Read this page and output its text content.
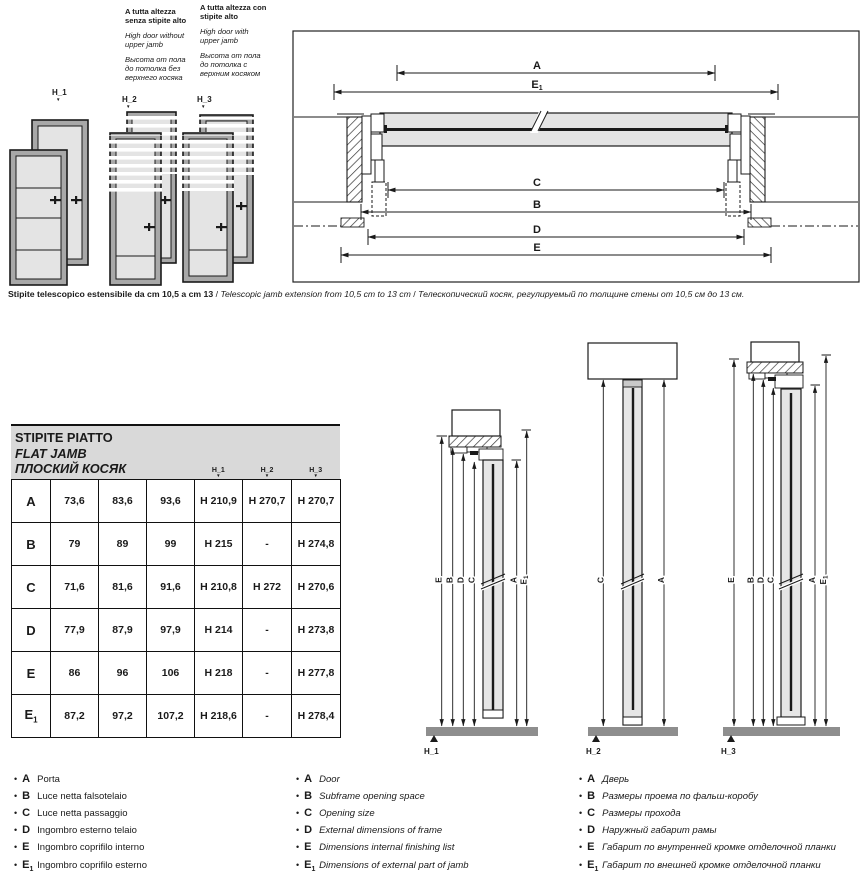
A tutta altezza senza stipite alto

High door without upper jamb

Высота от пола до потолка без верхнего косяка

A tutta altezza con stipite alto

High door with upper jamb

Высота от пола до потолка с верхним косяком

H_1
▼	H_2
▼
H_3
▼
A
E1
C
B
D
E

Stipite telescopico estensibile da cm 10,5 a cm 13 / Telescopic jamb extension from 10,5 cm to 13 cm / Телескопический косяк, регулируемый по толщине стены от 10,5 см до 13 см.

STIPITE PIATTO
FLAT JAMB
ПЛОСКИЙ КОСЯК	H_1
▼
H_2
▼
H_3
▼
A	73,6	83,6	93,6	H 210,9	H 270,7	H 270,7
B	79	89	99	H 215	-	H 274,8
C	71,6	81,6	91,6	H 210,8	H 272	H 270,6
D	77,9	87,9	97,9	H 214	-	H 273,8
E	86	96	106	H 218	-	H 277,8
$E_1$	87,2	97,2	107,2	H 218,6	-	H 278,4
E B D C	A E1
H_1
C	A
H_2
E B D C	A E1
H_3
• A Porta
• B Luce netta falsotelaio
• C Luce netta passaggio
• D Ingombro esterno telaio
• E Ingombro coprifilo interno
• $E_1$ Ingombro coprifilo esterno
• A Door
• B Subframe opening space
• C Opening size
• D External dimensions of frame
• E Dimensions internal finishing list
• $E_1$ Dimensions of external part of jamb
• A Дверь
• B Размеры проема по фальш-коробу
• C Размеры прохода
• D Наружный габарит рамы
• E Габарит по внутренней кромке отделочной планки
• $E_1$ Габарит по внешней кромке отделочной планки
